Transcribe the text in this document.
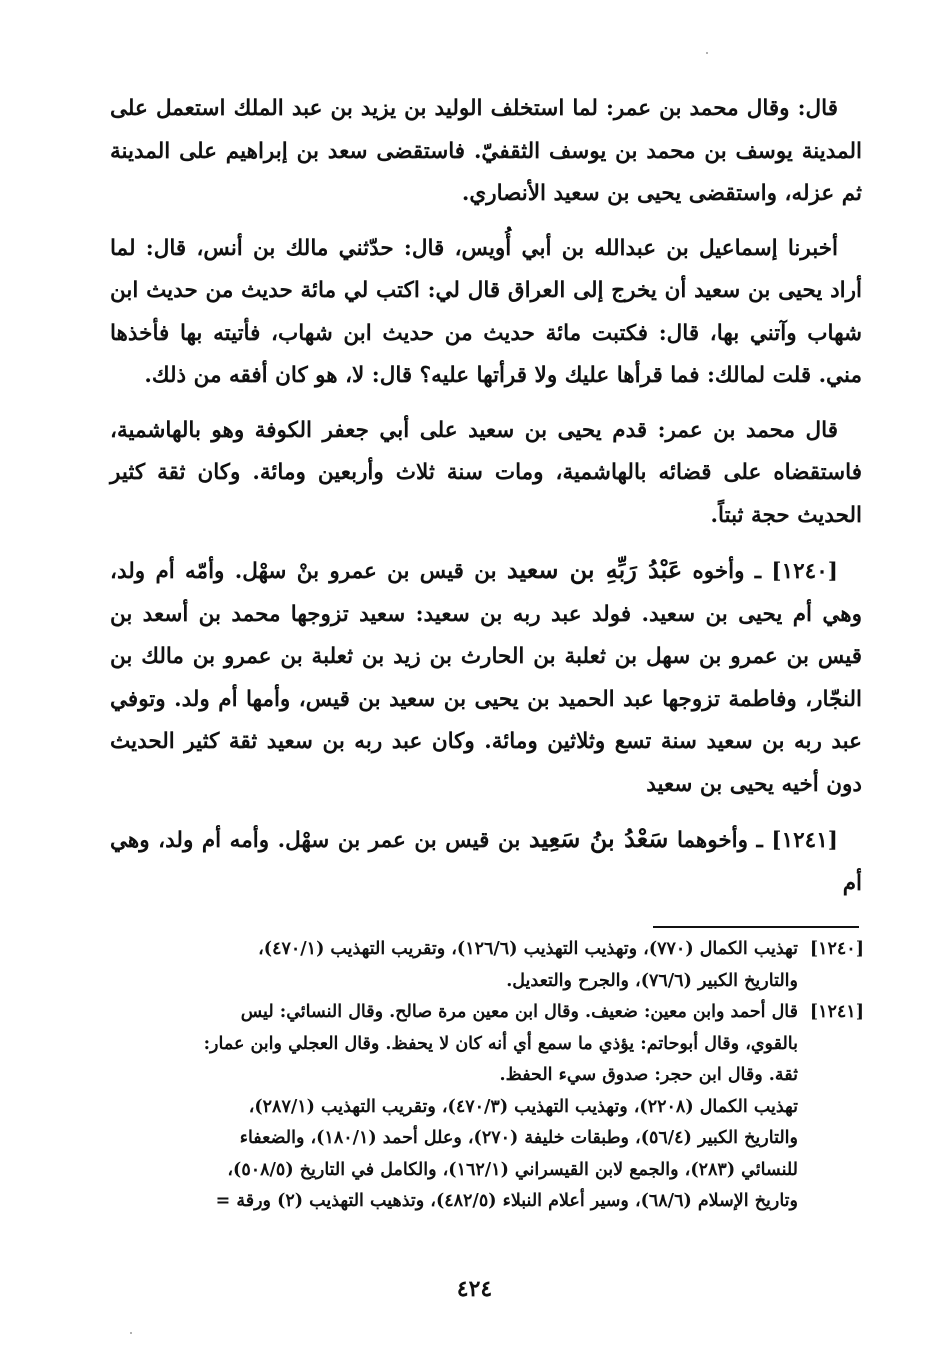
قال: وقال محمد بن عمر: لما استخلف الوليد بن يزيد بن عبد الملك استعمل على المدينة يوسف بن محمد بن يوسف الثقفيّ. فاستقضى سعد بن إبراهيم على المدينة ثم عزله، واستقضى يحيى بن سعيد الأنصاري.

أخبرنا إسماعيل بن عبدالله بن أبي أُويس، قال: حدّثني مالك بن أنس، قال: لما أراد يحيى بن سعيد أن يخرج إلى العراق قال لي: اكتب لي مائة حديث من حديث ابن شهاب وآتني بها، قال: فكتبت مائة حديث من حديث ابن شهاب، فأتيته بها فأخذها مني. قلت لمالك: فما قرأها عليك ولا قرأتها عليه؟ قال: لا، هو كان أفقه من ذلك.

قال محمد بن عمر: قدم يحيى بن سعيد على أبي جعفر الكوفة وهو بالهاشمية، فاستقضاه على قضائه بالهاشمية، ومات سنة ثلاث وأربعين ومائة. وكان ثقة كثير الحديث حجة ثبتاً.

[١٢٤٠] ـ وأخوه عَبْدُ رَبِّهِ بن سعيد بن قيس بن عمرو بنْ سهْل. وأمّه أم ولد، وهي أم يحيى بن سعيد. فولد عبد ربه بن سعيد: سعيد تزوجها محمد بن أسعد بن قيس بن عمرو بن سهل بن ثعلبة بن الحارث بن زيد بن ثعلبة بن عمرو بن مالك بن النجّار، وفاطمة تزوجها عبد الحميد بن يحيى بن سعيد بن قيس، وأمها أم ولد. وتوفي عبد ربه بن سعيد سنة تسع وثلاثين ومائة. وكان عبد ربه بن سعيد ثقة كثير الحديث دون أخيه يحيى بن سعيد

[١٢٤١] ـ وأخوهما سَعْدُ بنُ سَعِيد بن قيس بن عمر بن سهْل. وأمه أم ولد، وهي أم

[١٢٤٠]
تهذيب الكمال (٧٧٠)، وتهذيب التهذيب (١٢٦/٦)، وتقريب التهذيب (٤٧٠/١)،
والتاريخ الكبير (٧٦/٦)، والجرح والتعديل.
[١٢٤١]
قال أحمد وابن معين: ضعيف. وقال ابن معين مرة صالح. وقال النسائي: ليس
بالقوي، وقال أبوحاتم: يؤذي ما سمع أي أنه كان لا يحفظ. وقال العجلي وابن عمار:
ثقة. وقال ابن حجر: صدوق سيء الحفظ.
تهذيب الكمال (٢٢٠٨)، وتهذيب التهذيب (٤٧٠/٣)، وتقريب التهذيب (٢٨٧/١)،
والتاريخ الكبير (٥٦/٤)، وطبقات خليفة (٢٧٠)، وعلل أحمد (١٨٠/١)، والضعفاء
للنسائي (٢٨٣)، والجمع لابن القيسراني (١٦٢/١)، والكامل في التاريخ (٥٠٨/٥)،
وتاريخ الإسلام (٦٨/٦)، وسير أعلام النبلاء (٤٨٢/٥)، وتذهيب التهذيب (٢) ورقة =
٤٢٤
